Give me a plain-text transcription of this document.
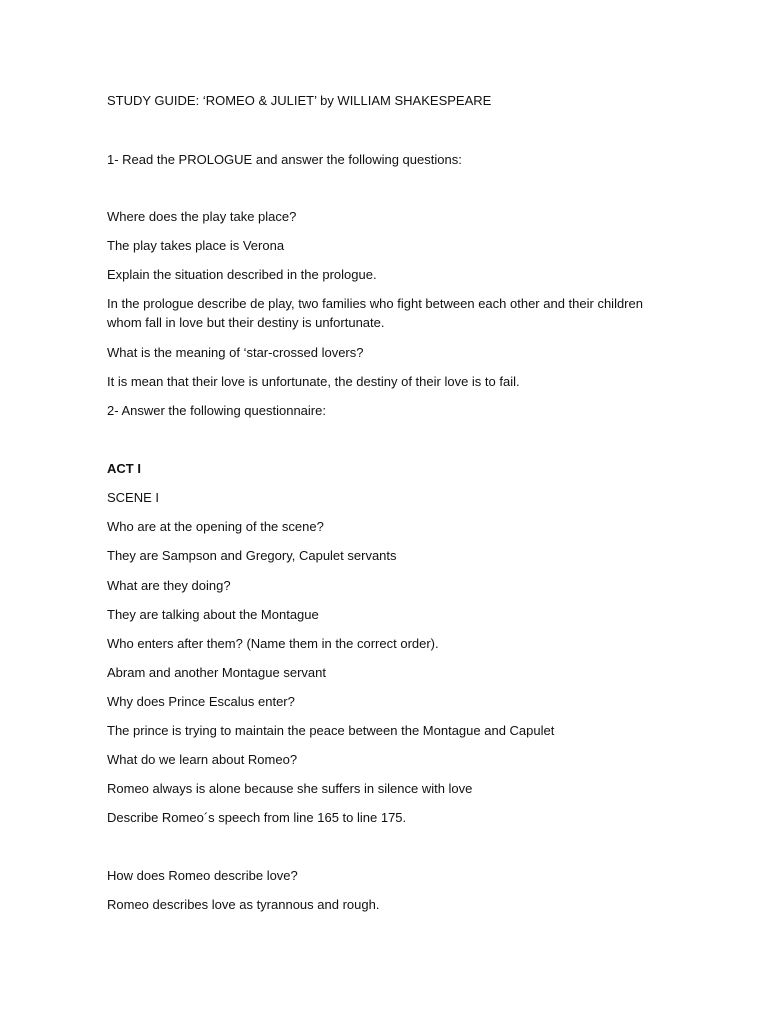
STUDY GUIDE: ‘ROMEO & JULIET’ by WILLIAM SHAKESPEARE
1- Read the PROLOGUE and answer the following questions:
Where does the play take place?
The play takes place is Verona
Explain the situation described in the prologue.
In the prologue describe de play, two families who fight between each other and their children whom fall in love but their destiny is unfortunate.
What is the meaning of ‘star-crossed lovers?
It is mean that their love is unfortunate, the destiny of their love is to fail.
2- Answer the following questionnaire:
ACT I
SCENE I
Who are at the opening of the scene?
They are Sampson and Gregory, Capulet servants
What are they doing?
They are talking about the Montague
Who enters after them? (Name them in the correct order).
Abram and another Montague servant
Why does Prince Escalus enter?
The prince is trying to maintain the peace between the Montague and Capulet
What do we learn about Romeo?
Romeo always is alone because she suffers in silence with love
Describe Romeo´s speech from line 165 to line 175.
How does Romeo describe love?
Romeo describes love as tyrannous and rough.
